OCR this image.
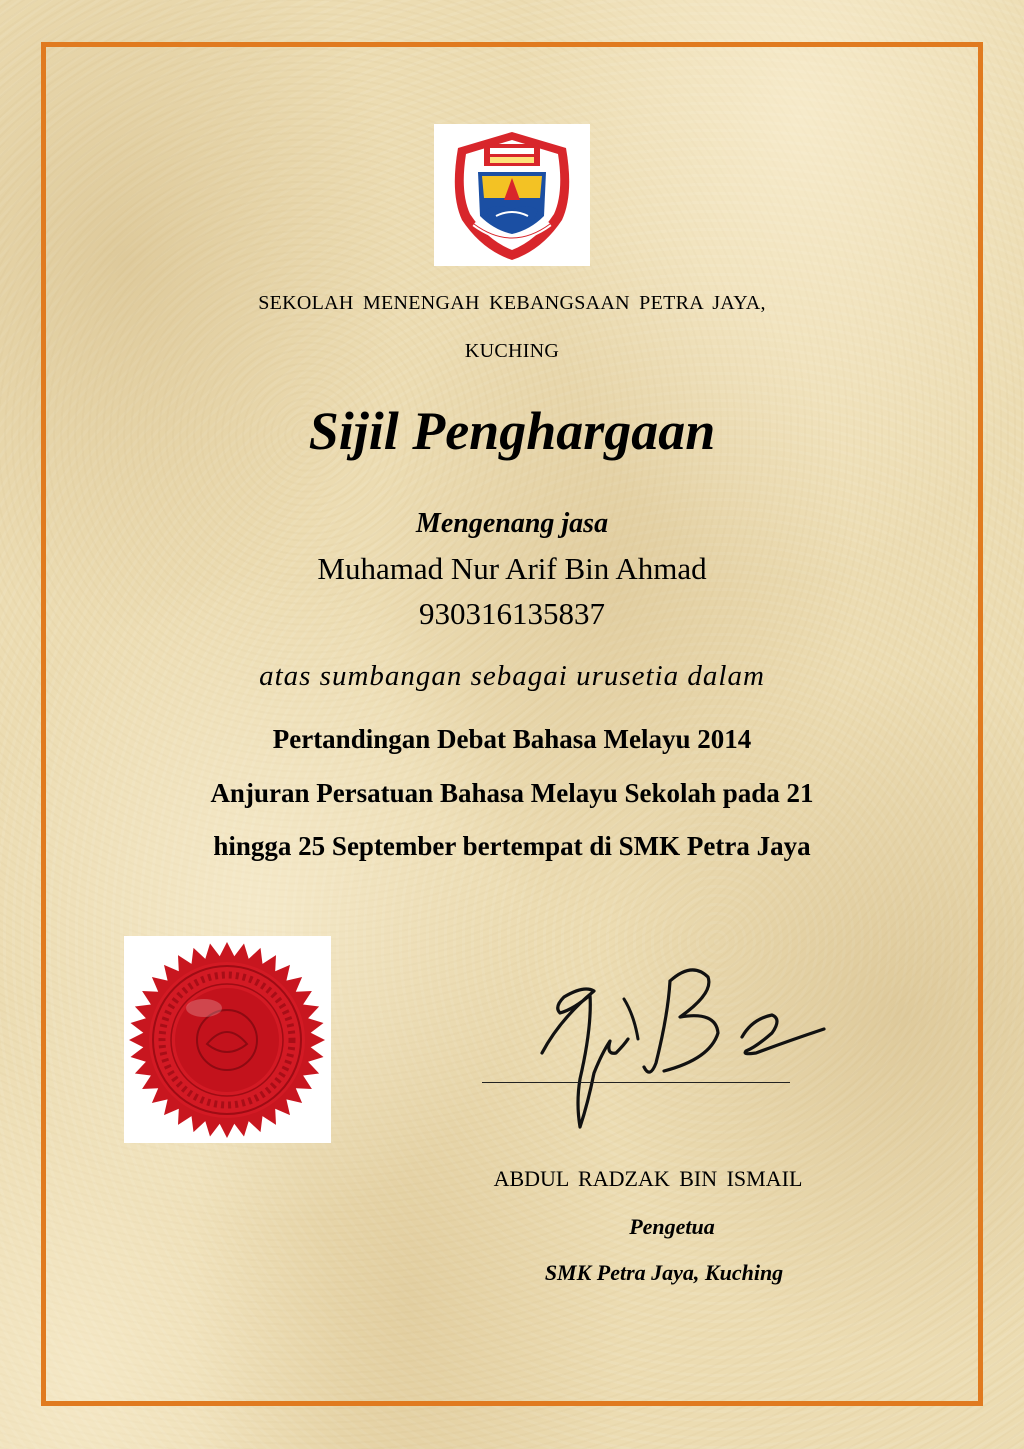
SEKOLAH MENENGAH KEBANGSAAN PETRA JAYA,
KUCHING
Sijil Penghargaan
Mengenang jasa
Muhamad Nur Arif Bin Ahmad
930316135837
atas sumbangan sebagai urusetia dalam
Pertandingan Debat Bahasa Melayu 2014
Anjuran Persatuan Bahasa Melayu Sekolah pada 21
hingga 25 September bertempat di SMK Petra Jaya
ABDUL RADZAK BIN ISMAIL
Pengetua
SMK Petra Jaya, Kuching
